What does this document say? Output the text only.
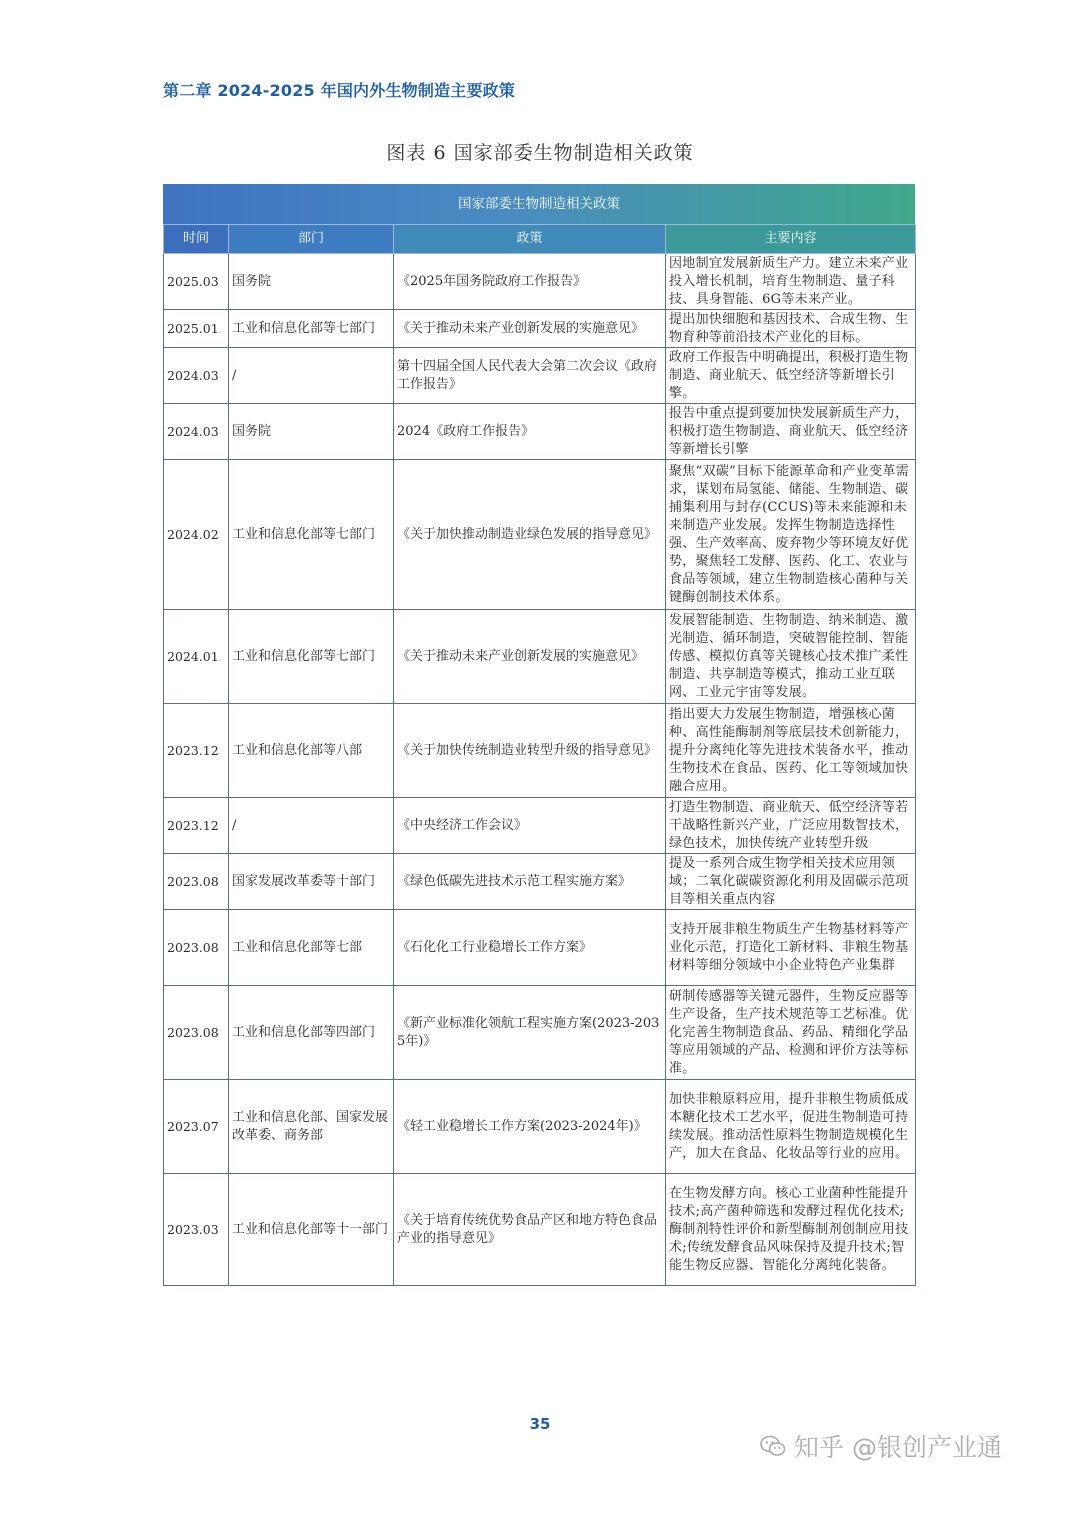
第二章 2024-2025 年国内外生物制造主要政策
图表 6 国家部委生物制造相关政策
国家部委生物制造相关政策
时间	部门	政策	主要内容
2025.03	国务院	《2025年国务院政府工作报告》	因地制宜发展新质生产力。建立未来产业投入增长机制，培育生物制造、量子科技、具身智能、6G等未来产业。
2025.01	工业和信息化部等七部门	《关于推动未来产业创新发展的实施意见》	提出加快细胞和基因技术、合成生物、生物育种等前沿技术产业化的目标。
2024.03	/	第十四届全国人民代表大会第二次会议《政府工作报告》	政府工作报告中明确提出，积极打造生物制造、商业航天、低空经济等新增长引擎。
2024.03	国务院	2024《政府工作报告》	报告中重点提到要加快发展新质生产力，积极打造生物制造、商业航天、低空经济等新增长引擎
2024.02	工业和信息化部等七部门	《关于加快推动制造业绿色发展的指导意见》	聚焦“双碳”目标下能源革命和产业变革需求，谋划布局氢能、储能、生物制造、碳捕集利用与封存(CCUS)等未来能源和未来制造产业发展。发挥生物制造选择性强、生产效率高、废弃物少等环境友好优势，聚焦轻工发酵、医药、化工、农业与食品等领域，建立生物制造核心菌种与关键酶创制技术体系。
2024.01	工业和信息化部等七部门	《关于推动未来产业创新发展的实施意见》	发展智能制造、生物制造、纳米制造、激光制造、循环制造，突破智能控制、智能传感、模拟仿真等关键核心技术推广柔性制造、共享制造等模式，推动工业互联网、工业元宇宙等发展。
2023.12	工业和信息化部等八部	《关于加快传统制造业转型升级的指导意见》	指出要大力发展生物制造，增强核心菌种、高性能酶制剂等底层技术创新能力，提升分离纯化等先进技术装备水平，推动生物技术在食品、医药、化工等领域加快融合应用。
2023.12	/	《中央经济工作会议》	打造生物制造、商业航天、低空经济等若干战略性新兴产业，广泛应用数智技术，绿色技术，加快传统产业转型升级
2023.08	国家发展改革委等十部门	《绿色低碳先进技术示范工程实施方案》	提及一系列合成生物学相关技术应用领域；二氧化碳碳资源化利用及固碳示范项目等相关重点内容
2023.08	工业和信息化部等七部	《石化化工行业稳增长工作方案》	支持开展非粮生物质生产生物基材料等产业化示范，打造化工新材料、非粮生物基材料等细分领域中小企业特色产业集群
2023.08	工业和信息化部等四部门	《新产业标准化领航工程实施方案(2023-2035年)》	研制传感器等关键元器件，生物反应器等生产设备，生产技术规范等工艺标准。优化完善生物制造食品、药品、精细化学品等应用领域的产品、检测和评价方法等标准。
2023.07	工业和信息化部、国家发展改革委、商务部	《轻工业稳增长工作方案(2023-2024年)》	加快非粮原料应用，提升非粮生物质低成本糖化技术工艺水平，促进生物制造可持续发展。推动活性原料生物制造规模化生产，加大在食品、化妆品等行业的应用。
2023.03	工业和信息化部等十一部门	《关于培育传统优势食品产区和地方特色食品产业的指导意见》	在生物发酵方向。核心工业菌种性能提升技术;高产菌种筛选和发酵过程优化技术;酶制剂特性评价和新型酶制剂创制应用技术;传统发酵食品风味保持及提升技术;智能生物反应器、智能化分离纯化装备。
35
知乎 @银创产业通
